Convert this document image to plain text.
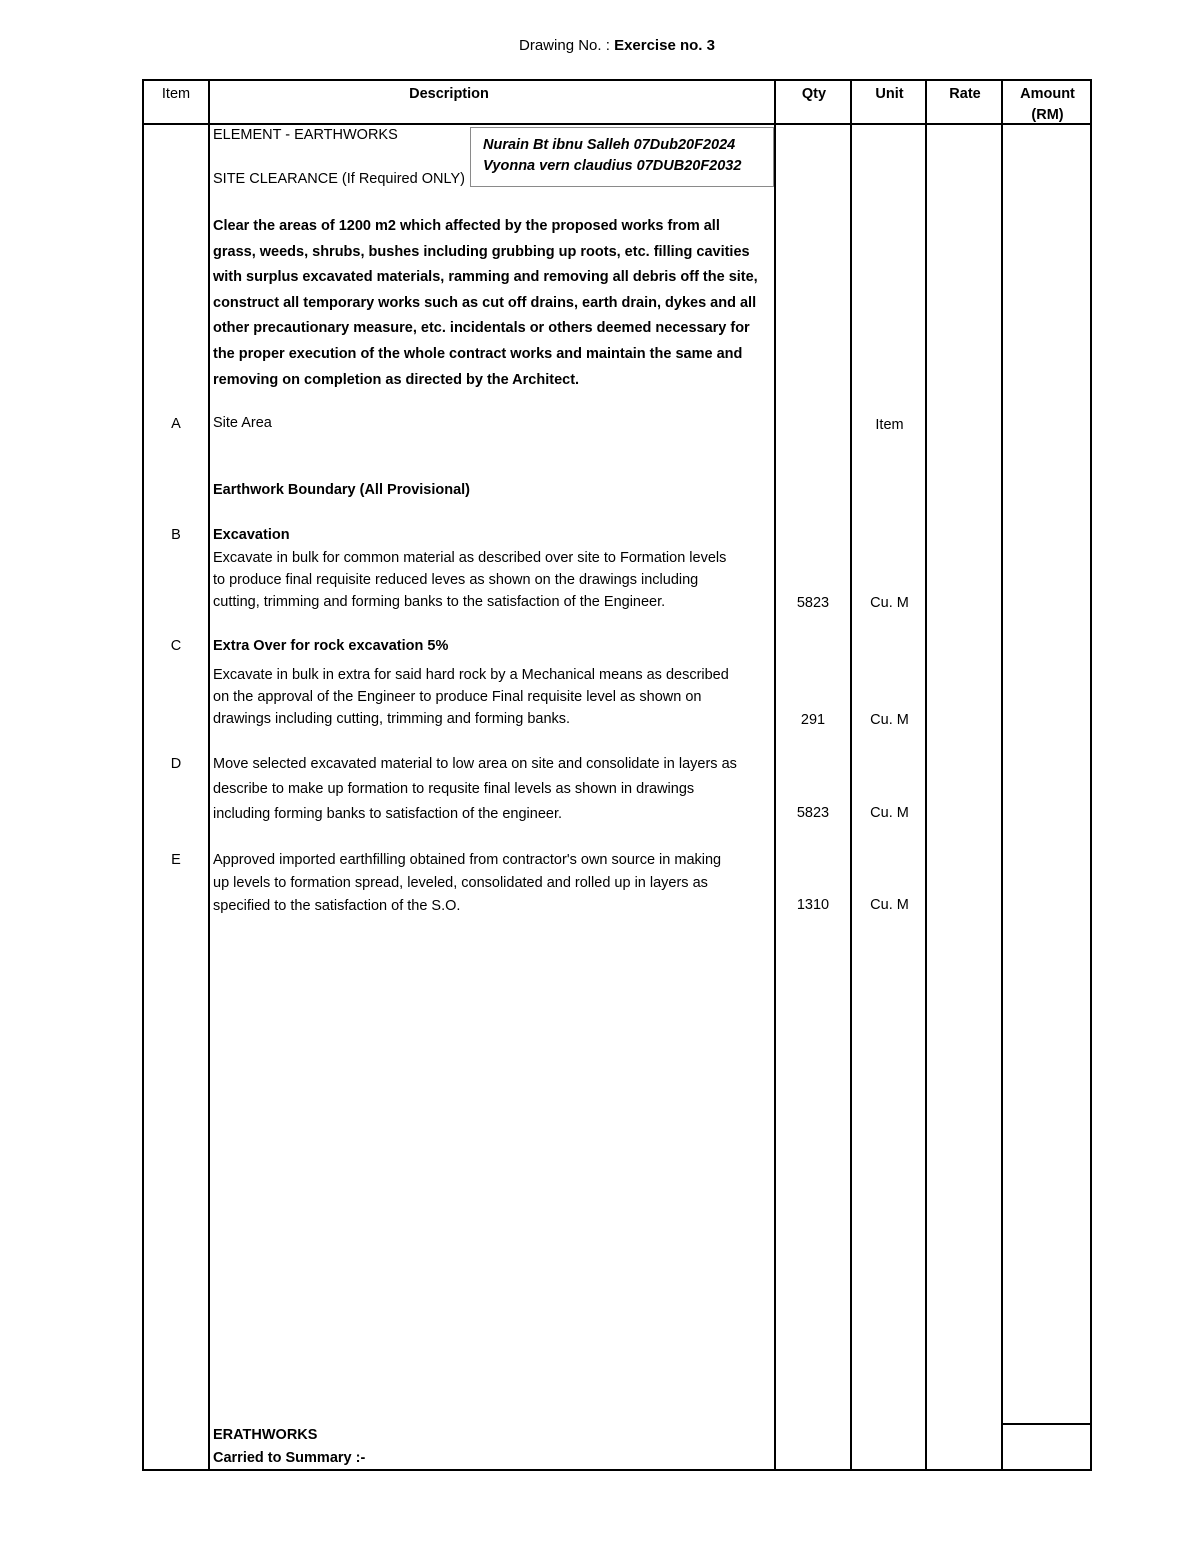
Drawing No. : Exercise no. 3
Item	Description	Qty	Unit	Rate	Amount
(RM)
ELEMENT - EARTHWORKS
Nurain Bt ibnu Salleh 07Dub20F2024
Vyonna vern claudius 07DUB20F2032
SITE CLEARANCE (If Required ONLY)
Clear the areas of 1200 m2 which affected by the proposed works from all
grass, weeds, shrubs, bushes including grubbing up roots, etc. filling cavities
with surplus excavated materials, ramming and removing all debris off the site,
construct all temporary works such as cut off drains, earth drain, dykes and all
other precautionary measure, etc. incidentals or others deemed necessary for
the proper execution of the whole contract works and maintain the same and
removing on completion as directed by the Architect.
A	Site Area	Item
Earthwork Boundary (All Provisional)
B	Excavation
Excavate in bulk for common material as described over site to Formation levels
to produce final requisite reduced leves as shown on the drawings including
cutting, trimming and forming banks to the satisfaction of the Engineer.	5823	Cu. M
C	Extra Over for rock excavation 5%
Excavate in bulk in extra for said hard rock by a Mechanical means as described
on the approval of the Engineer to produce Final requisite level as shown on
drawings including cutting, trimming and forming banks.	291	Cu. M
D	Move selected excavated material to low area on site and consolidate in layers as
describe to make up formation to requsite final levels as shown in drawings
including forming banks to satisfaction of the engineer.	5823	Cu. M
E	Approved imported earthfilling obtained from contractor's own source in making
up levels to formation spread, leveled, consolidated and rolled up in layers as
specified to the satisfaction of the S.O.	1310	Cu. M
ERATHWORKS
Carried to Summary :-
